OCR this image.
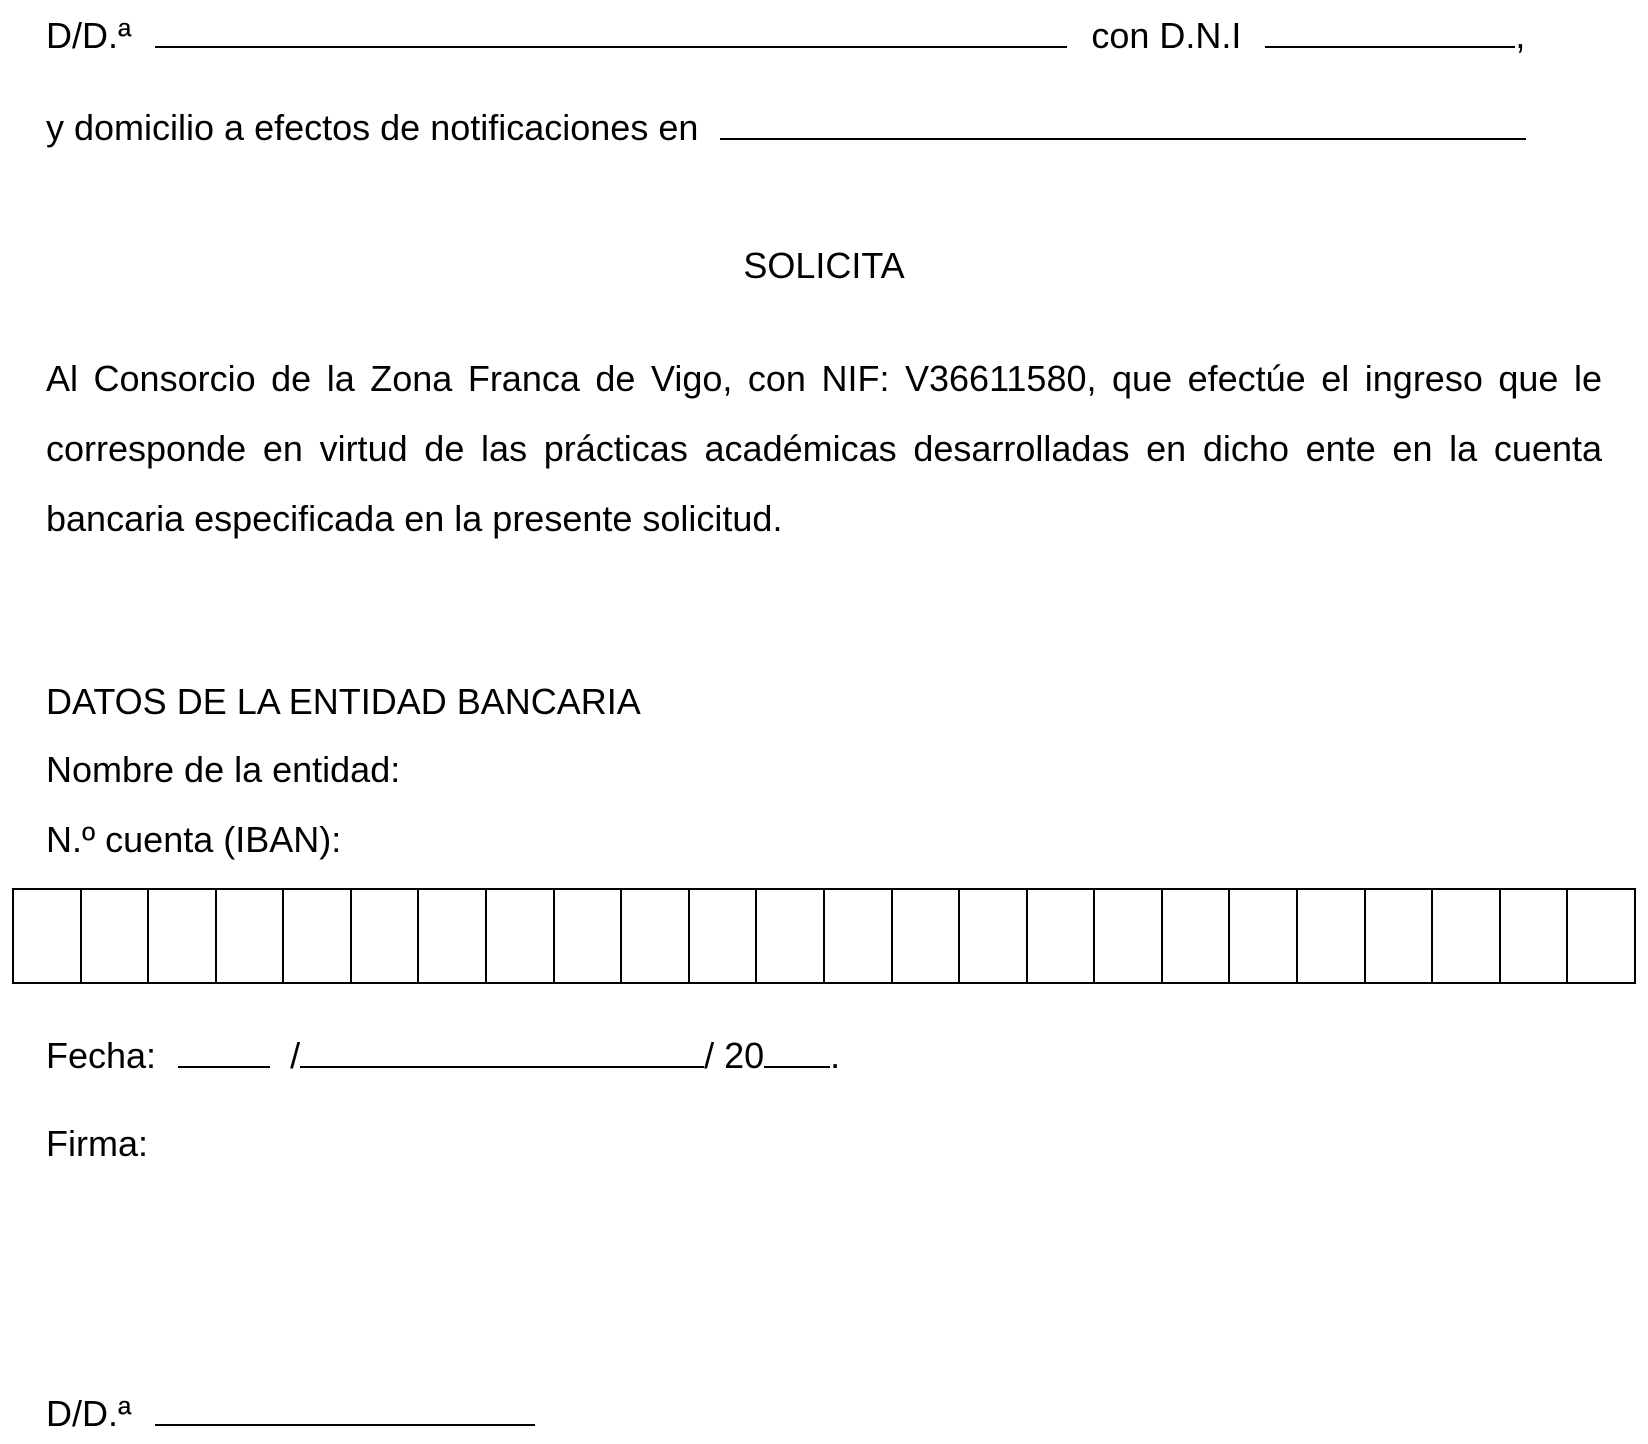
D/D.ª	con D.N.I	,
y domicilio a efectos de notificaciones en
SOLICITA
Al Consorcio de la Zona Franca de Vigo, con NIF: V36611580, que efectúe el ingreso que le corresponde en virtud de las prácticas académicas desarrolladas en dicho ente en la cuenta bancaria especificada en la presente solicitud.
DATOS DE LA ENTIDAD BANCARIA
Nombre de la entidad:
N.º cuenta (IBAN):
Fecha:	/	/ 20 .
Firma:
D/D.ª
